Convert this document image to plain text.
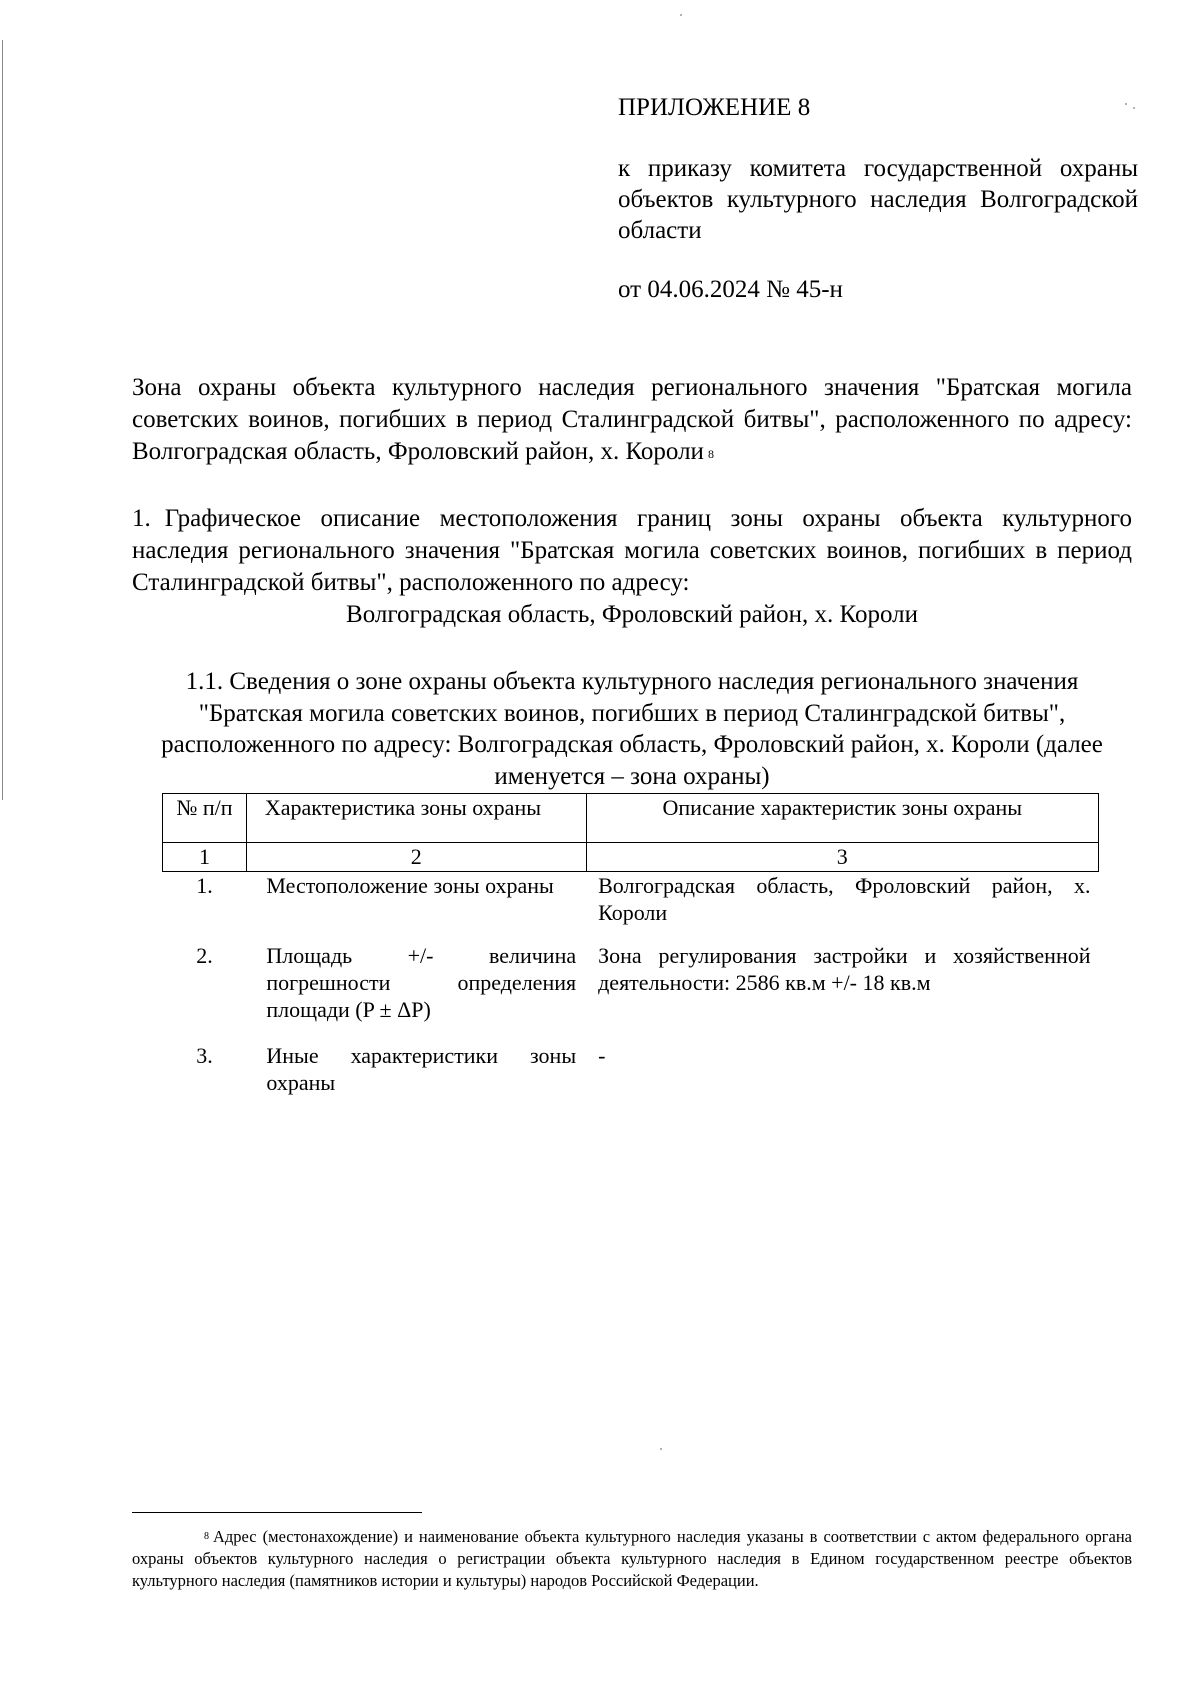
ПРИЛОЖЕНИЕ 8
к приказу комитета государственной охраны объектов культурного наследия Волгоградской области
от 04.06.2024 № 45-н
Зона охраны объекта культурного наследия регионального значения "Братская могила советских воинов, погибших в период Сталинградской битвы", расположенного по адресу: Волгоградская область, Фроловский район, х. Короли $^8$
1. Графическое описание местоположения границ зоны охраны объекта культурного наследия регионального значения "Братская могила советских воинов, погибших в период Сталинградской битвы", расположенного по адресу:
Волгоградская область, Фроловский район, х. Короли
1.1. Сведения о зоне охраны объекта культурного наследия регионального значения "Братская могила советских воинов, погибших в период Сталинградской битвы", расположенного по адресу: Волгоградская область, Фроловский район, х. Короли (далее именуется – зона охраны)
№ п/п	Характеристика зоны охраны	Описание характеристик зоны охраны
1	2	3
1.	Местоположение зоны охраны	Волгоградская область, Фроловский район, х. Короли
2.	Площадь +/- величина погрешности определения площади (P ± ΔP)	Зона регулирования застройки и хозяйственной деятельности: 2586 кв.м +/- 18 кв.м
3.	Иные характеристики зоны охраны	-
$^8$ Адрес (местонахождение) и наименование объекта культурного наследия указаны в соответствии с актом федерального органа охраны объектов культурного наследия о регистрации объекта культурного наследия в Едином государственном реестре объектов культурного наследия (памятников истории и культуры) народов Российской Федерации.
